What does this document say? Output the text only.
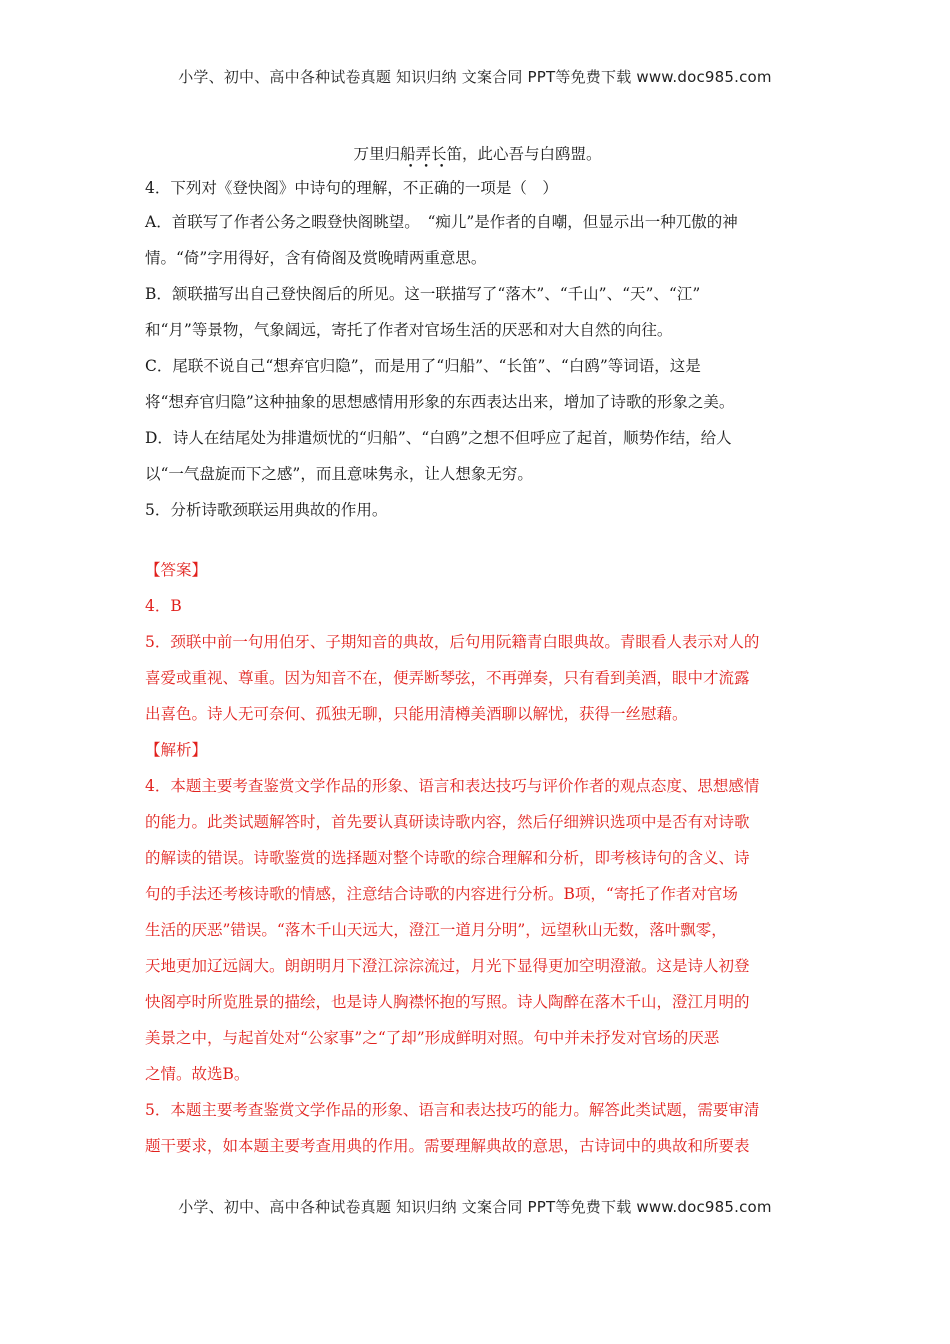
小学、初中、高中各种试卷真题 知识归纳 文案合同 PPT等免费下载 www.doc985.com
万里归船弄长笛，此心吾与白鸥盟。
4．下列对《登快阁》中诗句的理解，
•
不
•
正
•
确的一项是（　）
A．首联写了作者公务之暇登快阁眺望。　“痴儿”是作者的自嘲，但显示出一种兀傲的神
情。“倚”字用得好，含有倚阁及赏晚晴两重意思。
B．颔联描写出自己登快阁后的所见。这一联描写了“落木”、“千山”、“天”、“江”
和“月”等景物，气象阔远，寄托了作者对官场生活的厌恶和对大自然的向往。
C．尾联不说自己“想弃官归隐”，而是用了“归船”、“长笛”、“白鸥”等词语，这是
将“想弃官归隐”这种抽象的思想感情用形象的东西表达出来，增加了诗歌的形象之美。
D．诗人在结尾处为排遣烦忧的“归船”、“白鸥”之想不但呼应了起首，顺势作结，给人
以“一气盘旋而下之感”，而且意味隽永，让人想象无穷。
5．分析诗歌颈联运用典故的作用。
【答案】
4．B
5．颈联中前一句用伯牙、子期知音的典故，后句用阮籍青白眼典故。青眼看人表示对人的
喜爱或重视、尊重。因为知音不在，便弄断琴弦，不再弹奏，只有看到美酒，眼中才流露
出喜色。诗人无可奈何、孤独无聊，只能用清樽美酒聊以解忧，获得一丝慰藉。
【解析】
4．本题主要考查鉴赏文学作品的形象、语言和表达技巧与评价作者的观点态度、思想感情
的能力。此类试题解答时，首先要认真研读诗歌内容，然后仔细辨识选项中是否有对诗歌
的解读的错误。诗歌鉴赏的选择题对整个诗歌的综合理解和分析，即考核诗句的含义、诗
句的手法还考核诗歌的情感，注意结合诗歌的内容进行分析。B项，“寄托了作者对官场
生活的厌恶”错误。“落木千山天远大，澄江一道月分明”，远望秋山无数，落叶飘零，
天地更加辽远阔大。朗朗明月下澄江淙淙流过，月光下显得更加空明澄澈。这是诗人初登
快阁亭时所览胜景的描绘，也是诗人胸襟怀抱的写照。诗人陶醉在落木千山，澄江月明的
美景之中，与起首处对“公家事”之“了却”形成鲜明对照。句中并未抒发对官场的厌恶
之情。故选B。
5．本题主要考查鉴赏文学作品的形象、语言和表达技巧的能力。解答此类试题，需要审清
题干要求，如本题主要考查用典的作用。需要理解典故的意思，古诗词中的典故和所要表
小学、初中、高中各种试卷真题 知识归纳 文案合同 PPT等免费下载 www.doc985.com
